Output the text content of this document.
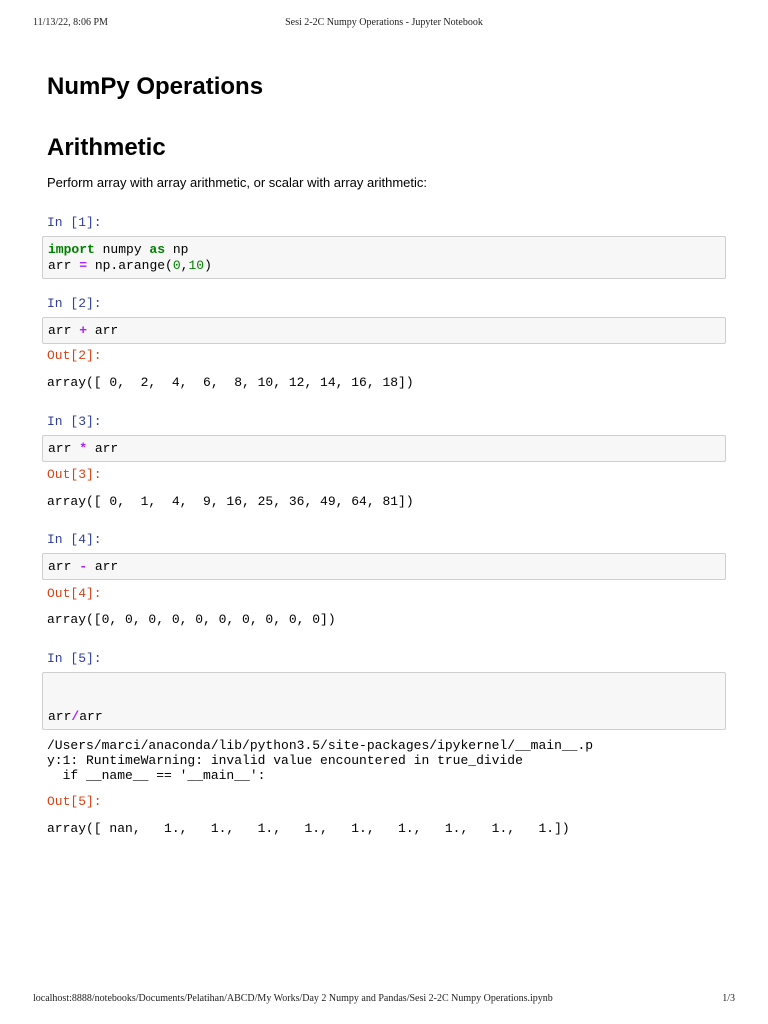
11/13/22, 8:06 PM	Sesi 2-2C Numpy Operations - Jupyter Notebook
NumPy Operations
Arithmetic
Perform array with array arithmetic, or scalar with array arithmetic:
In [1]:
import numpy as np
arr = np.arange(0,10)
In [2]:
arr + arr
Out[2]:
array([ 0,  2,  4,  6,  8, 10, 12, 14, 16, 18])
In [3]:
arr * arr
Out[3]:
array([ 0,  1,  4,  9, 16, 25, 36, 49, 64, 81])
In [4]:
arr - arr
Out[4]:
array([0, 0, 0, 0, 0, 0, 0, 0, 0, 0])
In [5]:
arr/arr
/Users/marci/anaconda/lib/python3.5/site-packages/ipykernel/__main__.p
y:1: RuntimeWarning: invalid value encountered in true_divide
if __name__ == '__main__':
Out[5]:
array([ nan,   1.,   1.,   1.,   1.,   1.,   1.,   1.,   1.,   1.])
localhost:8888/notebooks/Documents/Pelatihan/ABCD/My Works/Day 2 Numpy and Pandas/Sesi 2-2C Numpy Operations.ipynb	1/3
